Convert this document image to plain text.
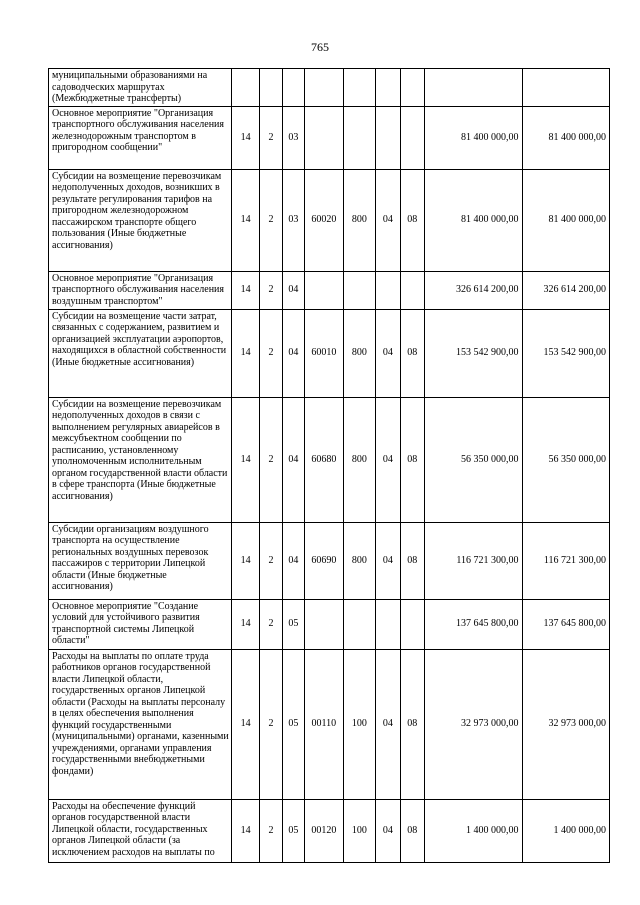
765
муниципальными образованиями на садоводческих маршрутах (Межбюджетные трансферты)									
Основное мероприятие "Организация транспортного обслуживания населения железнодорожным транспортом в пригородном сообщении"	14	2	03					81 400 000,00	81 400 000,00
Субсидии на возмещение перевозчикам недополученных доходов, возникших в результате регулирования тарифов на пригородном железнодорожном пассажирском транспорте общего пользования (Иные бюджетные ассигнования)	14	2	03	60020	800	04	08	81 400 000,00	81 400 000,00
Основное мероприятие "Организация транспортного обслуживания населения воздушным транспортом"	14	2	04					326 614 200,00	326 614 200,00
Субсидии на возмещение части затрат, связанных с содержанием, развитием и организацией эксплуатации аэропортов, находящихся в областной собственности (Иные бюджетные ассигнования)	14	2	04	60010	800	04	08	153 542 900,00	153 542 900,00
Субсидии на возмещение перевозчикам недополученных доходов в связи с выполнением регулярных авиарейсов в межсубъектном сообщении по расписанию, установленному уполномоченным исполнительным органом государственной власти области в сфере транспорта (Иные бюджетные ассигнования)	14	2	04	60680	800	04	08	56 350 000,00	56 350 000,00
Субсидии организациям воздушного транспорта на осуществление региональных воздушных перевозок пассажиров с территории Липецкой области (Иные бюджетные ассигнования)	14	2	04	60690	800	04	08	116 721 300,00	116 721 300,00
Основное мероприятие "Создание условий для устойчивого развития транспортной системы Липецкой области"	14	2	05					137 645 800,00	137 645 800,00
Расходы на выплаты по оплате труда работников органов государственной власти Липецкой области, государственных органов Липецкой области (Расходы на выплаты персоналу в целях обеспечения выполнения функций государственными (муниципальными) органами, казенными учреждениями, органами управления государственными внебюджетными фондами)	14	2	05	00110	100	04	08	32 973 000,00	32 973 000,00
Расходы на обеспечение функций органов государственной власти Липецкой области, государственных органов Липецкой области (за исключением расходов на выплаты по	14	2	05	00120	100	04	08	1 400 000,00	1 400 000,00
